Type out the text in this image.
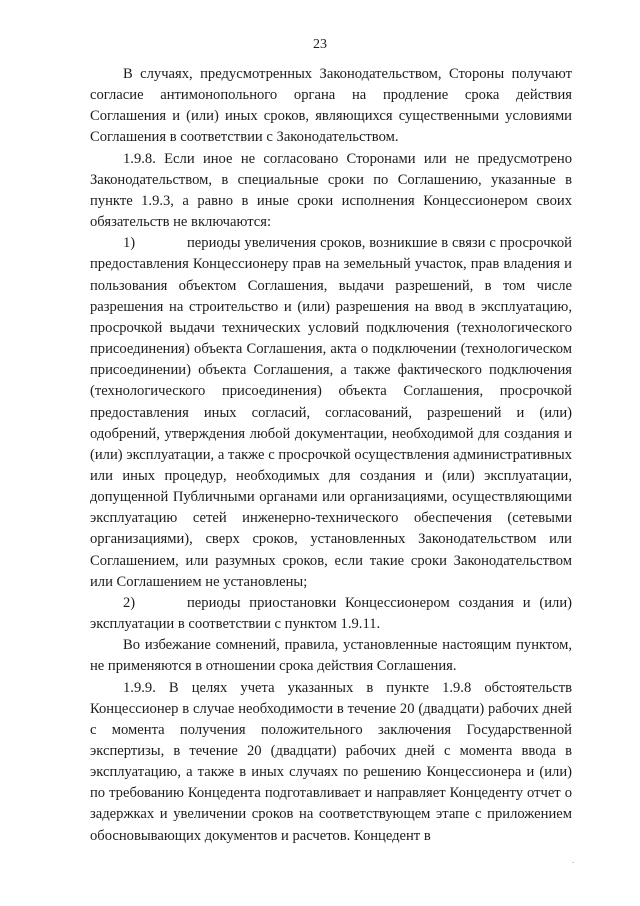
23

В случаях, предусмотренных Законодательством, Стороны получают согласие антимонопольного органа на продление срока действия Соглашения и (или) иных сроков, являющихся существенными условиями Соглашения в соответствии с Законодательством.

1.9.8. Если иное не согласовано Сторонами или не предусмотрено Законодательством, в специальные сроки по Соглашению, указанные в пункте 1.9.3, а равно в иные сроки исполнения Концессионером своих обязательств не включаются:

1)	периоды увеличения сроков, возникшие в связи с просрочкой предоставления Концессионеру прав на земельный участок, прав владения и пользования объектом Соглашения, выдачи разрешений, в том числе разрешения на строительство и (или) разрешения на ввод в эксплуатацию, просрочкой выдачи технических условий подключения (технологического присоединения) объекта Соглашения, акта о подключении (технологическом присоединении) объекта Соглашения, а также фактического подключения (технологического присоединения) объекта Соглашения, просрочкой предоставления иных согласий, согласований, разрешений и (или) одобрений, утверждения любой документации, необходимой для создания и (или) эксплуатации, а также с просрочкой осуществления административных или иных процедур, необходимых для создания и (или) эксплуатации, допущенной Публичными органами или организациями, осуществляющими эксплуатацию сетей инженерно-технического обеспечения (сетевыми организациями), сверх сроков, установленных Законодательством или Соглашением, или разумных сроков, если такие сроки Законодательством или Соглашением не установлены;

2)	периоды приостановки Концессионером создания и (или) эксплуатации в соответствии с пунктом 1.9.11.

Во избежание сомнений, правила, установленные настоящим пунктом, не применяются в отношении срока действия Соглашения.

1.9.9. В целях учета указанных в пункте 1.9.8 обстоятельств Концессионер в случае необходимости в течение 20 (двадцати) рабочих дней с момента получения положительного заключения Государственной экспертизы, в течение 20 (двадцати) рабочих дней с момента ввода в эксплуатацию, а также в иных случаях по решению Концессионера и (или) по требованию Концедента подготавливает и направляет Концеденту отчет о задержках и увеличении сроков на соответствующем этапе с приложением обосновывающих документов и расчетов. Концедент в

.
